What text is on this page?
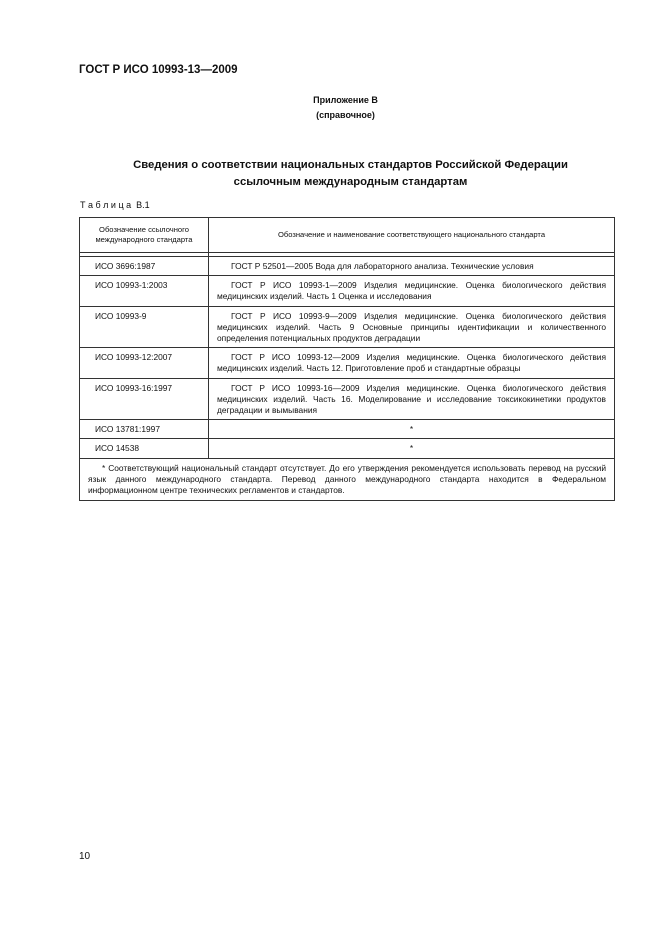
ГОСТ Р ИСО 10993-13—2009
Приложение В
(справочное)
Сведения о соответствии национальных стандартов Российской Федерации
ссылочным международным стандартам
Т а б л и ц а  В.1
Обозначение ссылочного международного стандарта	Обозначение и наименование соответствующего национального стандарта

ИСО 3696:1987	ГОСТ Р 52501—2005 Вода для лабораторного анализа. Технические условия

ИСО 10993-1:2003	ГОСТ Р ИСО 10993-1—2009 Изделия медицинские. Оценка биологического действия медицинских изделий. Часть 1 Оценка и исследования

ИСО 10993-9	ГОСТ Р ИСО 10993-9—2009 Изделия медицинские. Оценка биологического действия медицинских изделий. Часть 9 Основные принципы идентификации и количественного определения потенциальных продуктов деградации

ИСО 10993-12:2007	ГОСТ Р ИСО 10993-12—2009 Изделия медицинские. Оценка биологического действия медицинских изделий. Часть 12. Приготовление проб и стандартные образцы

ИСО 10993-16:1997	ГОСТ Р ИСО 10993-16—2009 Изделия медицинские. Оценка биологического действия медицинских изделий. Часть 16. Моделирование и исследование токсикокинетики продуктов деградации и вымывания

ИСО 13781:1997	*
ИСО 14538	*

* Соответствующий национальный стандарт отсутствует. До его утверждения рекомендуется использовать перевод на русский язык данного международного стандарта. Перевод данного международного стандарта находится в Федеральном информационном центре технических регламентов и стандартов.	
10
